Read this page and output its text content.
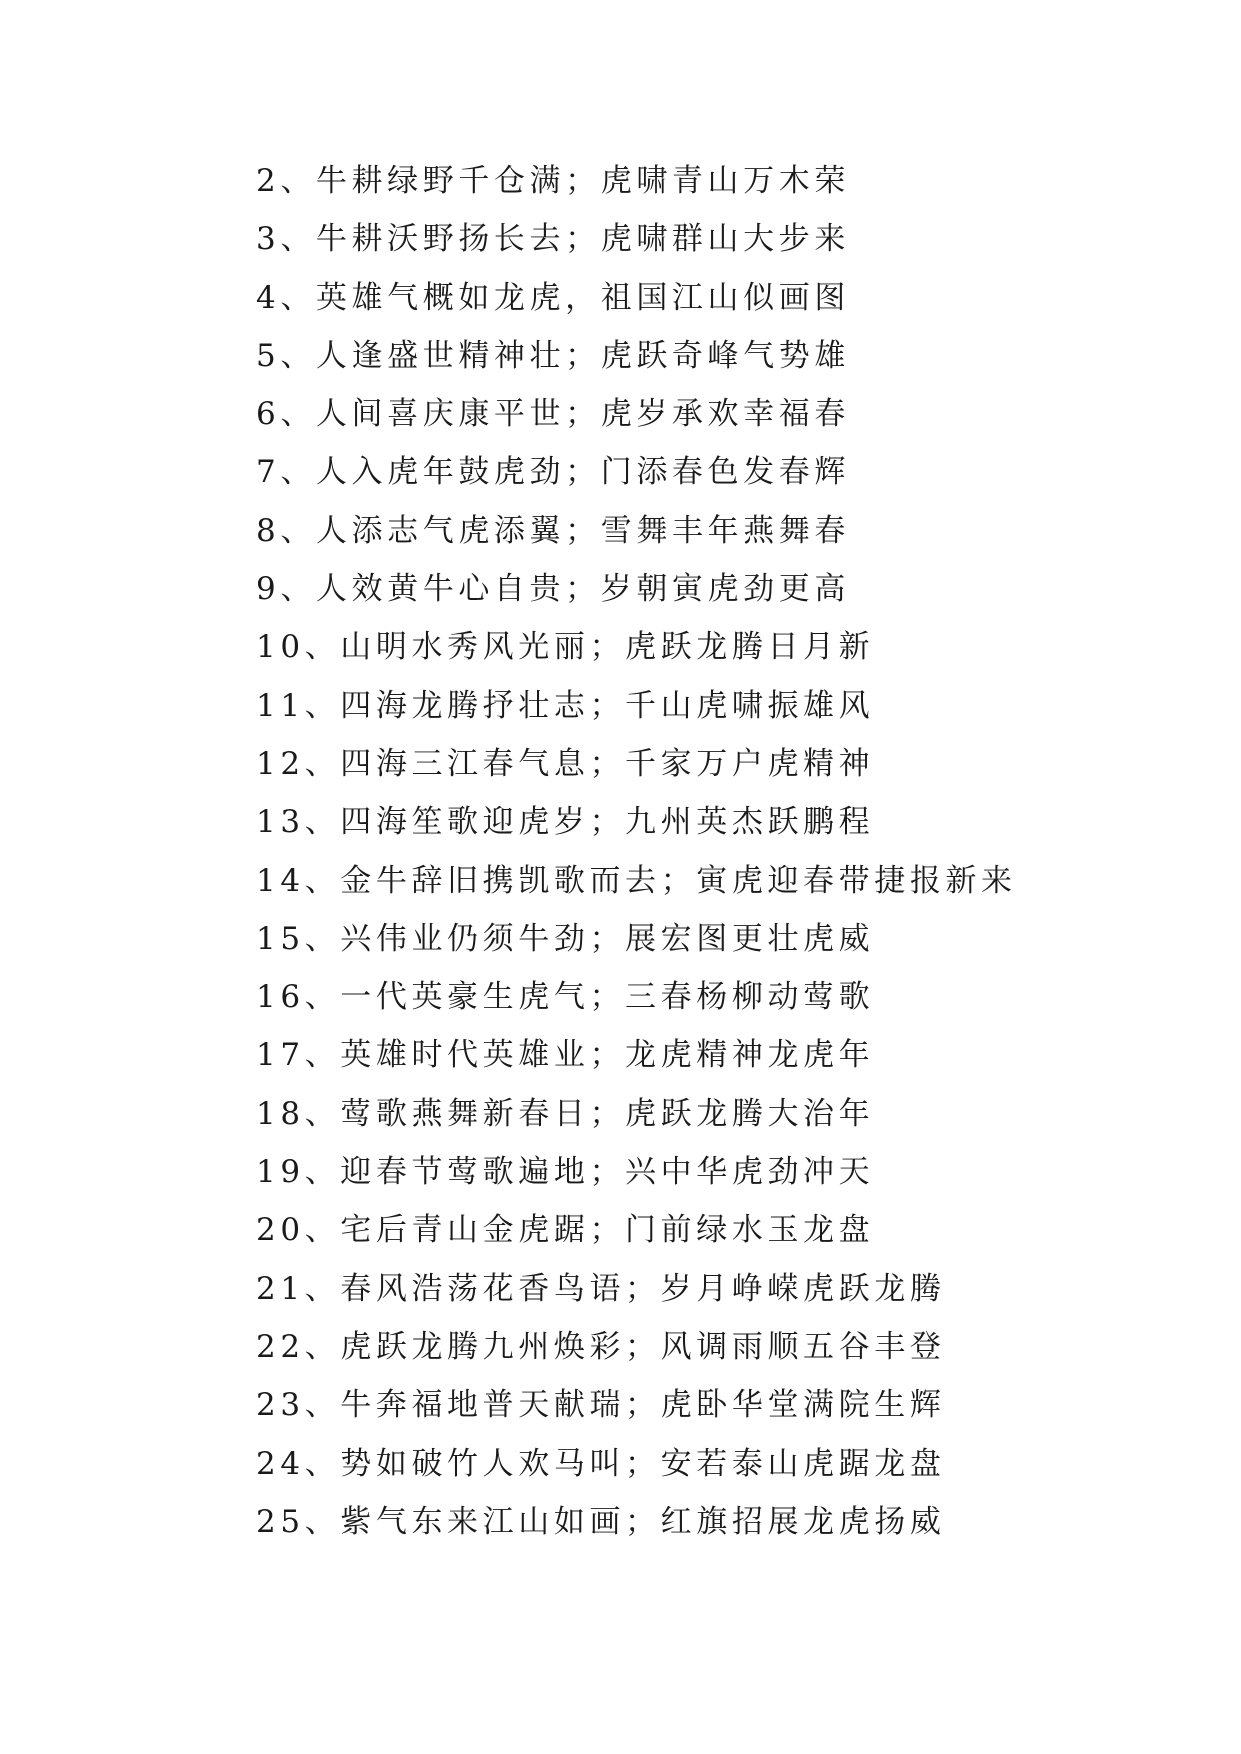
2、牛耕绿野千仓满；虎啸青山万木荣
3、牛耕沃野扬长去；虎啸群山大步来
4、英雄气概如龙虎，祖国江山似画图
5、人逢盛世精神壮；虎跃奇峰气势雄
6、人间喜庆康平世；虎岁承欢幸福春
7、人入虎年鼓虎劲；门添春色发春辉
8、人添志气虎添翼；雪舞丰年燕舞春
9、人效黄牛心自贵；岁朝寅虎劲更高
10、山明水秀风光丽；虎跃龙腾日月新
11、四海龙腾抒壮志；千山虎啸振雄风
12、四海三江春气息；千家万户虎精神
13、四海笙歌迎虎岁；九州英杰跃鹏程
14、金牛辞旧携凯歌而去；寅虎迎春带捷报新来
15、兴伟业仍须牛劲；展宏图更壮虎威
16、一代英豪生虎气；三春杨柳动莺歌
17、英雄时代英雄业；龙虎精神龙虎年
18、莺歌燕舞新春日；虎跃龙腾大治年
19、迎春节莺歌遍地；兴中华虎劲冲天
20、宅后青山金虎踞；门前绿水玉龙盘
21、春风浩荡花香鸟语；岁月峥嵘虎跃龙腾
22、虎跃龙腾九州焕彩；风调雨顺五谷丰登
23、牛奔福地普天献瑞；虎卧华堂满院生辉
24、势如破竹人欢马叫；安若泰山虎踞龙盘
25、紫气东来江山如画；红旗招展龙虎扬威
